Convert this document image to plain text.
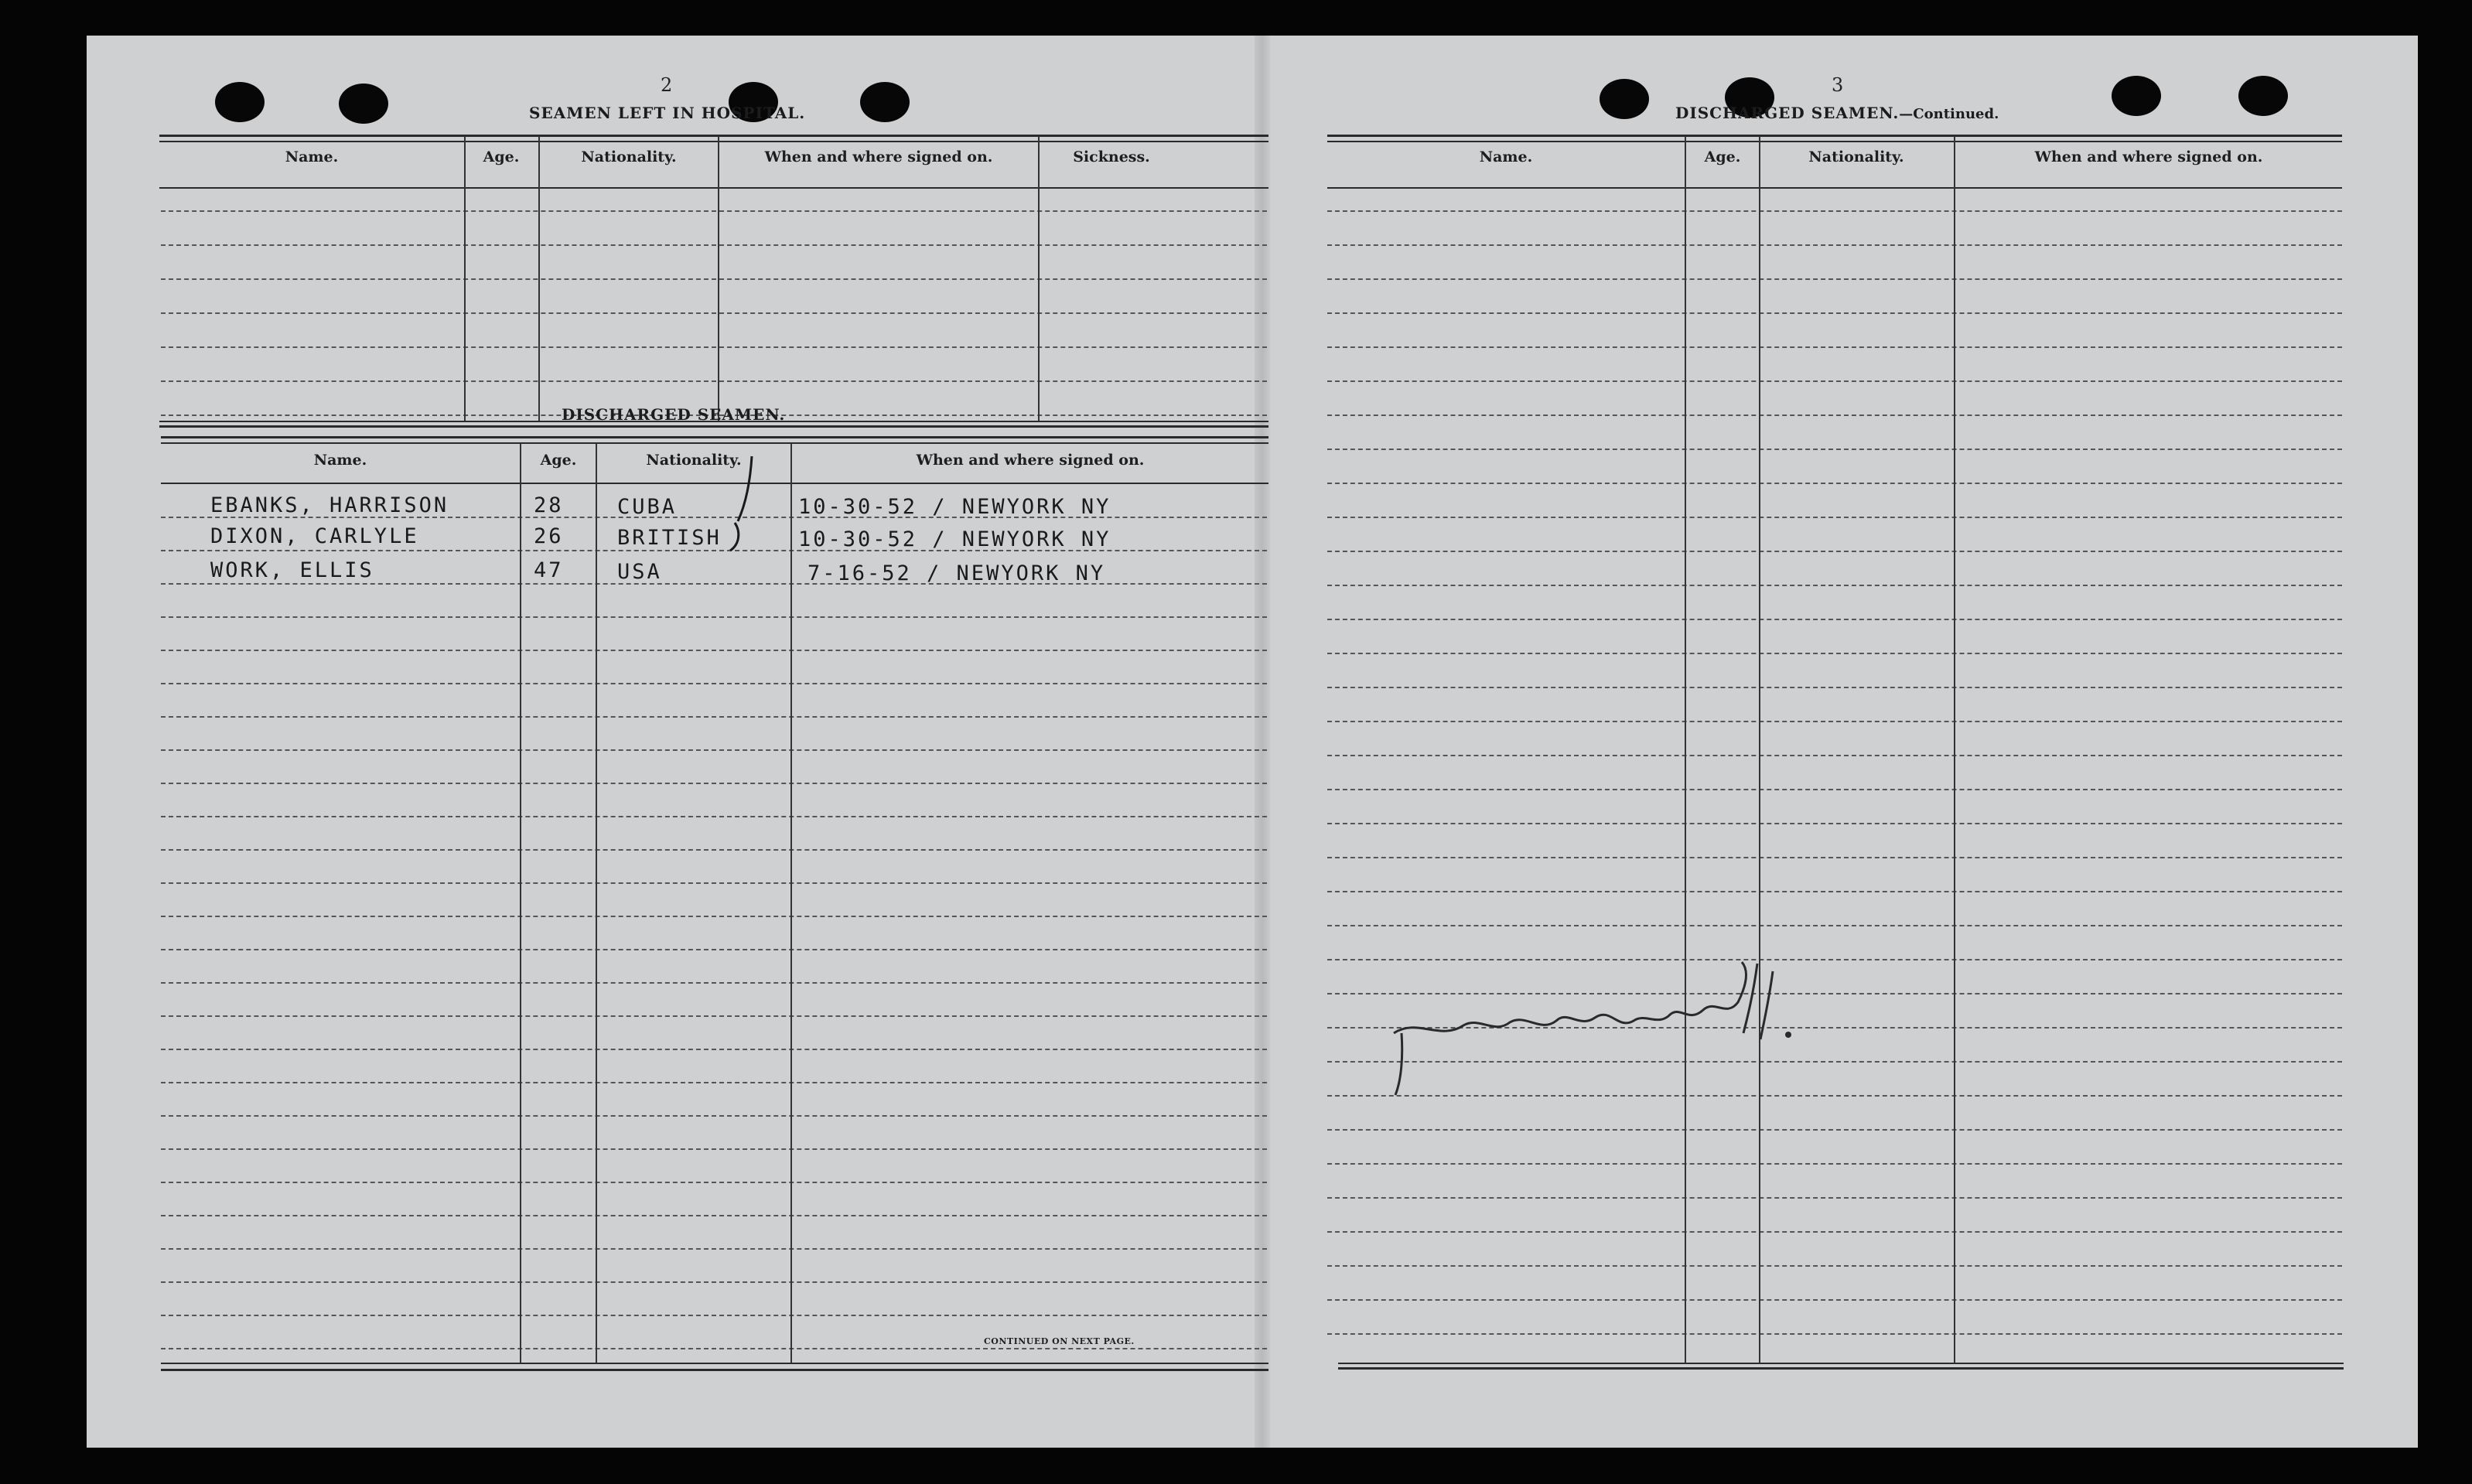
2	3
SEAMEN LEFT IN HOSPITAL.
Name.	Age.	Nationality.	When and where signed on.	Sickness.
DISCHARGED SEAMEN.
Name.	Age.	Nationality.	When and where signed on.
EBANKS, HARRISON	28	CUBA	10-30-52 / NEWYORK NY
DIXON, CARLYLE	26	BRITISH	10-30-52 / NEWYORK NY
WORK, ELLIS	47	USA	7-16-52 / NEWYORK NY
CONTINUED ON NEXT PAGE.
DISCHARGED SEAMEN.—Continued.
Name.	Age.	Nationality.	When and where signed on.
